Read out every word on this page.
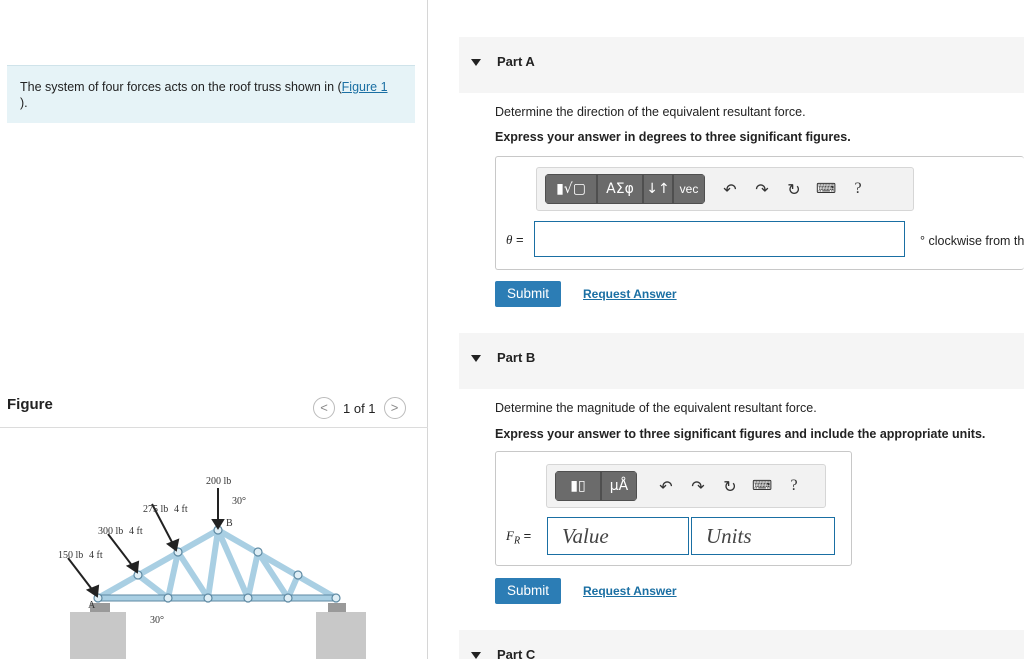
The system of four forces acts on the roof truss shown in (Figure 1
).
Figure	<	1 of 1	>
200 lb
30°
275 lb 4 ft
300 lb 4 ft
150 lb 4 ft
30°
A
B
Part A
Determine the direction of the equivalent resultant force.
Express your answer in degrees to three significant figures.
▮√▢	ΑΣφ ↓↑ vec	↶	↷	↻	⌨	?
θ =	° clockwise from th
Submit	Request Answer
Part B
Determine the magnitude of the equivalent resultant force.
Express your answer to three significant figures and include the appropriate units.
▮▯	μÅ	↶	↷	↻	⌨	?
$F_R$ =	Value	Units
Submit	Request Answer
Part C
